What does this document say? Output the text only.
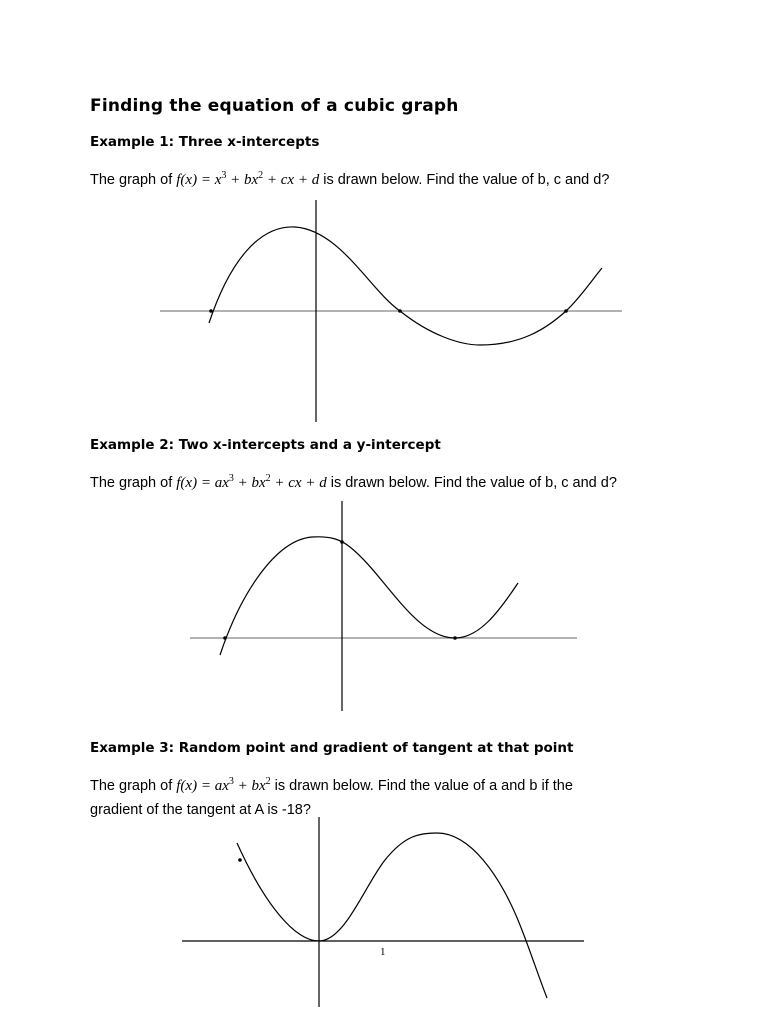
Finding the equation of a cubic graph
Example 1: Three x-intercepts
The graph of $f(x) = x^3 + bx^2$ + cx + d is drawn below. Find the value of b, c and d?
Example 2: Two x-intercepts and a y-intercept
The graph of $f(x) = ax^3 + bx^2$ + cx + d is drawn below. Find the value of b, c and d?
Example 3: Random point and gradient of tangent at that point
The graph of $f(x) = ax^3 + bx^2$ is drawn below. Find the value of a and b if the
gradient of the tangent at A is -18?
1
